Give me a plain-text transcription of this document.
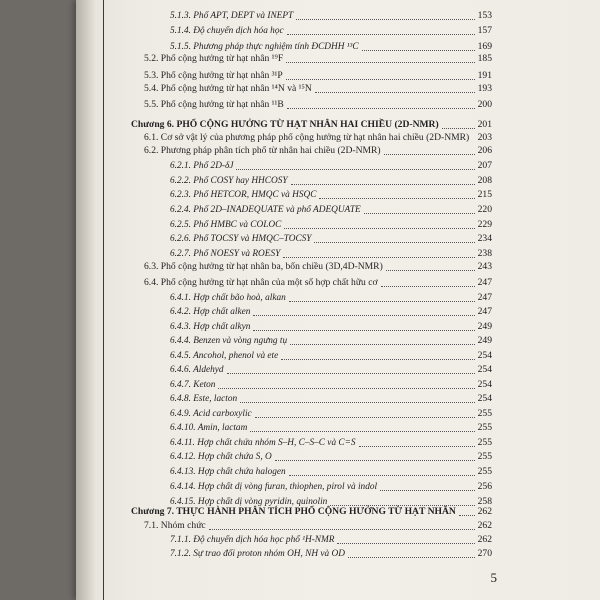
5.1.3. Phổ APT, DEPT và INEPT	153
5.1.4. Độ chuyển dịch hóa học	157
5.1.5. Phương pháp thực nghiệm tính ĐCDHH ¹³C	169
5.2. Phổ cộng hưởng từ hạt nhân ¹⁹F	185
5.3. Phổ cộng hưởng từ hạt nhân ³¹P	191
5.4. Phổ cộng hưởng từ hạt nhân ¹⁴N và ¹⁵N	193
5.5. Phổ cộng hưởng từ hạt nhân ¹¹B	200
Chương 6. PHỔ CỘNG HƯỞNG TỪ HẠT NHÂN HAI CHIỀU (2D-NMR)	201
6.1. Cơ sở vật lý của phương pháp phổ cộng hưởng từ hạt nhân hai chiều (2D-NMR) 203
6.2. Phương pháp phân tích phổ từ nhân hai chiều (2D-NMR)	206
6.2.1. Phổ 2D-δJ	207
6.2.2. Phổ COSY hay HHCOSY	208
6.2.3. Phổ HETCOR, HMQC và HSQC	215
6.2.4. Phổ 2D–INADEQUATE và phổ ADEQUATE	220
6.2.5. Phổ HMBC và COLOC	229
6.2.6. Phổ TOCSY và HMQC–TOCSY	234
6.2.7. Phổ NOESY và ROESY	238
6.3. Phổ cộng hưởng từ hạt nhân ba, bốn chiều (3D,4D-NMR)	243
6.4. Phổ cộng hưởng từ hạt nhân của một số hợp chất hữu cơ	247
6.4.1. Hợp chất bão hoà, alkan	247
6.4.2. Hợp chất alken	247
6.4.3. Hợp chất alkyn	249
6.4.4. Benzen và vòng ngưng tụ	249
6.4.5. Ancohol, phenol và ete	254
6.4.6. Aldehyd	254
6.4.7. Keton	254
6.4.8. Este, lacton	254
6.4.9. Acid carboxylic	255
6.4.10. Amin, lactam	255
6.4.11. Hợp chất chứa nhóm S–H, C–S–C và C=S	255
6.4.12. Hợp chất chứa S, O	255
6.4.13. Hợp chất chứa halogen	255
6.4.14. Hợp chất dị vòng furan, thiophen, pirol và indol	256
6.4.15. Hợp chất dị vòng pyridin, quinolin	258
Chương 7. THỰC HÀNH PHÂN TÍCH PHỔ CỘNG HƯỞNG TỪ HẠT NHÂN 262
7.1. Nhóm chức	262
7.1.1. Độ chuyển dịch hóa học phổ ¹H-NMR	262
7.1.2. Sự trao đổi proton nhóm OH, NH và OD	270
5
